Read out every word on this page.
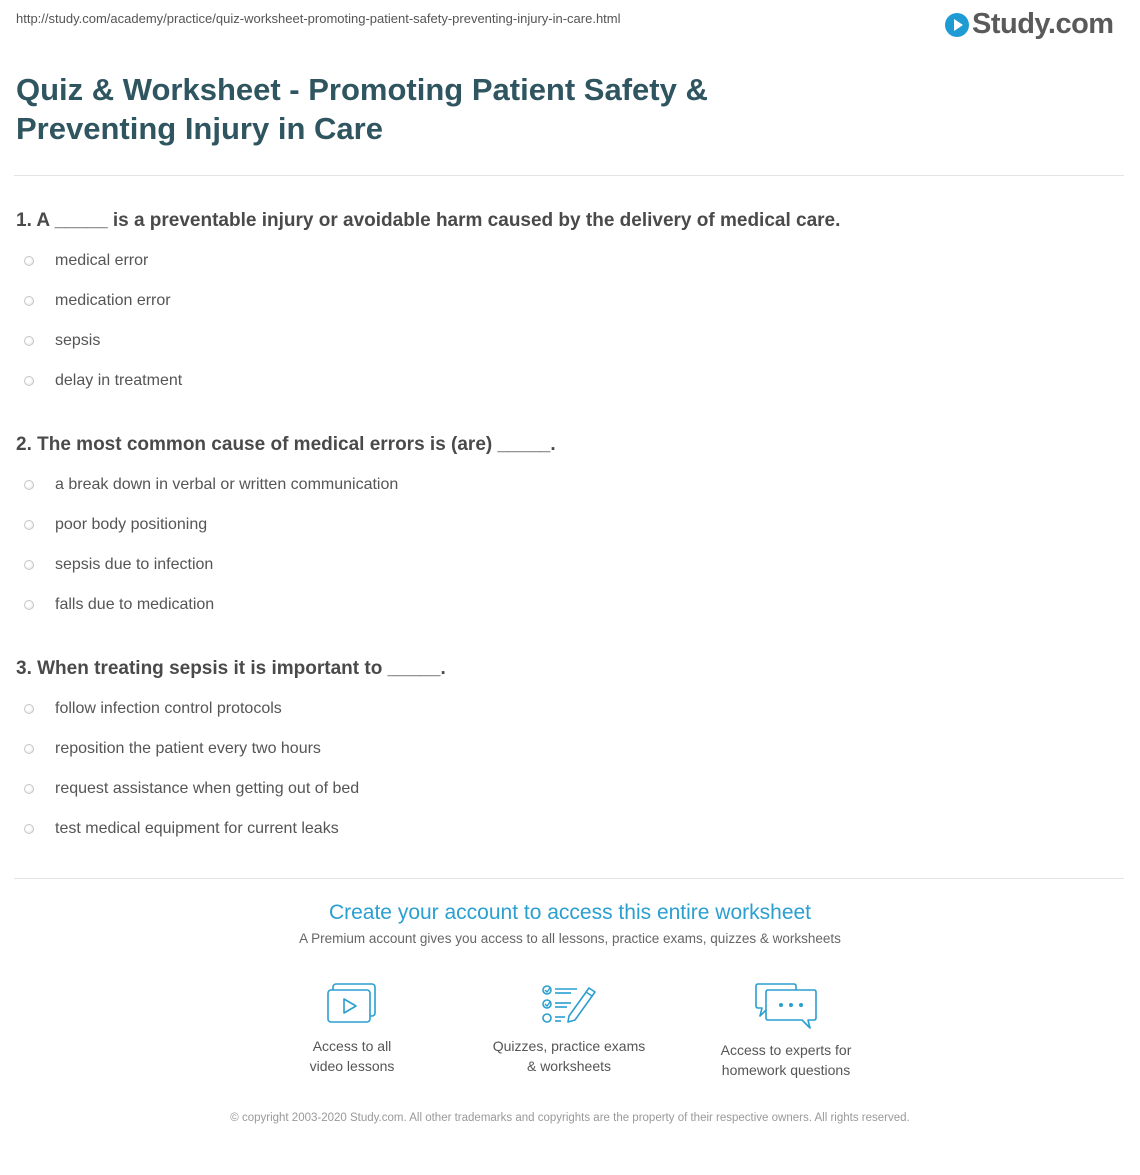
http://study.com/academy/practice/quiz-worksheet-promoting-patient-safety-preventing-injury-in-care.html	Study.com
Quiz & Worksheet - Promoting Patient Safety & Preventing Injury in Care
1. A _____ is a preventable injury or avoidable harm caused by the delivery of medical care.
medical error
medication error
sepsis
delay in treatment
2. The most common cause of medical errors is (are) _____.
a break down in verbal or written communication
poor body positioning
sepsis due to infection
falls due to medication
3. When treating sepsis it is important to _____.
follow infection control protocols
reposition the patient every two hours
request assistance when getting out of bed
test medical equipment for current leaks
Create your account to access this entire worksheet
A Premium account gives you access to all lessons, practice exams, quizzes & worksheets
Access to all
video lessons
Quizzes, practice exams
& worksheets
Access to experts for
homework questions
© copyright 2003-2020 Study.com. All other trademarks and copyrights are the property of their respective owners. All rights reserved.
